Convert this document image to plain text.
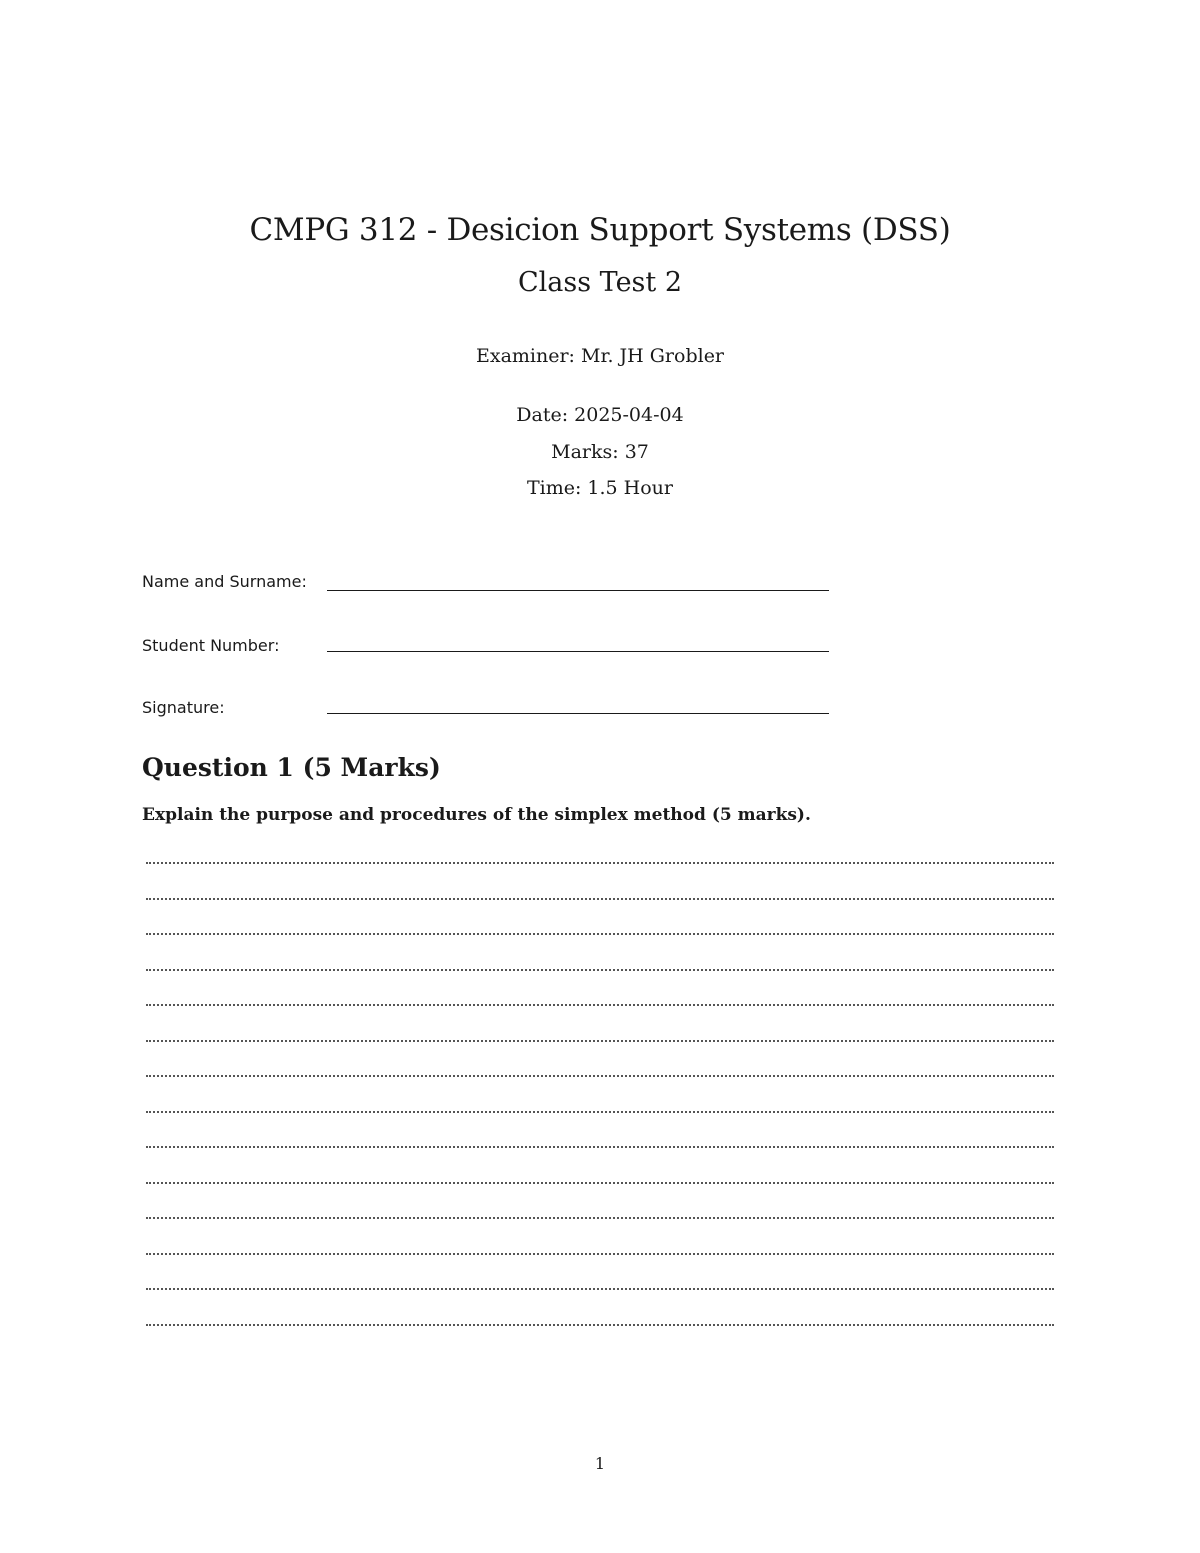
CMPG 312 - Desicion Support Systems (DSS)
Class Test 2
Examiner: Mr. JH Grobler
Date: 2025-04-04
Marks: 37
Time: 1.5 Hour
Name and Surname:
Student Number:
Signature:
Question 1 (5 Marks)
Explain the purpose and procedures of the simplex method (5 marks).
1
